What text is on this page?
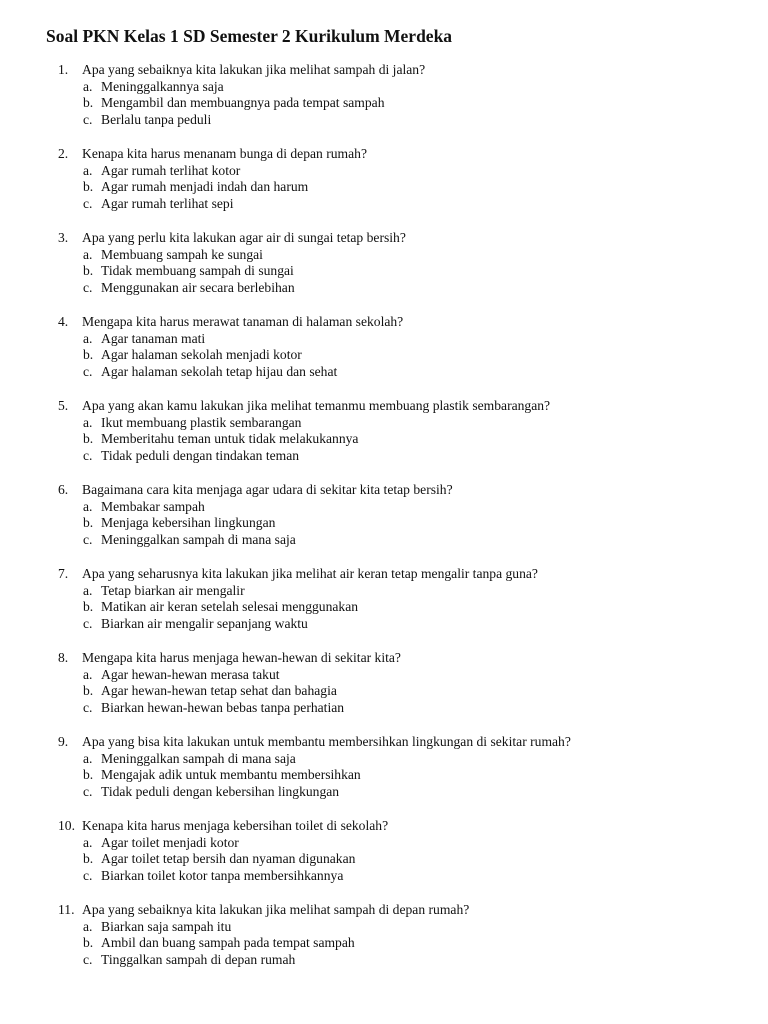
Soal PKN Kelas 1 SD Semester 2 Kurikulum Merdeka
1. Apa yang sebaiknya kita lakukan jika melihat sampah di jalan?
a. Meninggalkannya saja
b. Mengambil dan membuangnya pada tempat sampah
c. Berlalu tanpa peduli
2. Kenapa kita harus menanam bunga di depan rumah?
a. Agar rumah terlihat kotor
b. Agar rumah menjadi indah dan harum
c. Agar rumah terlihat sepi
3. Apa yang perlu kita lakukan agar air di sungai tetap bersih?
a. Membuang sampah ke sungai
b. Tidak membuang sampah di sungai
c. Menggunakan air secara berlebihan
4. Mengapa kita harus merawat tanaman di halaman sekolah?
a. Agar tanaman mati
b. Agar halaman sekolah menjadi kotor
c. Agar halaman sekolah tetap hijau dan sehat
5. Apa yang akan kamu lakukan jika melihat temanmu membuang plastik sembarangan?
a. Ikut membuang plastik sembarangan
b. Memberitahu teman untuk tidak melakukannya
c. Tidak peduli dengan tindakan teman
6. Bagaimana cara kita menjaga agar udara di sekitar kita tetap bersih?
a. Membakar sampah
b. Menjaga kebersihan lingkungan
c. Meninggalkan sampah di mana saja
7. Apa yang seharusnya kita lakukan jika melihat air keran tetap mengalir tanpa guna?
a. Tetap biarkan air mengalir
b. Matikan air keran setelah selesai menggunakan
c. Biarkan air mengalir sepanjang waktu
8. Mengapa kita harus menjaga hewan-hewan di sekitar kita?
a. Agar hewan-hewan merasa takut
b. Agar hewan-hewan tetap sehat dan bahagia
c. Biarkan hewan-hewan bebas tanpa perhatian
9. Apa yang bisa kita lakukan untuk membantu membersihkan lingkungan di sekitar rumah?
a. Meninggalkan sampah di mana saja
b. Mengajak adik untuk membantu membersihkan
c. Tidak peduli dengan kebersihan lingkungan
10. Kenapa kita harus menjaga kebersihan toilet di sekolah?
a. Agar toilet menjadi kotor
b. Agar toilet tetap bersih dan nyaman digunakan
c. Biarkan toilet kotor tanpa membersihkannya
11. Apa yang sebaiknya kita lakukan jika melihat sampah di depan rumah?
a. Biarkan saja sampah itu
b. Ambil dan buang sampah pada tempat sampah
c. Tinggalkan sampah di depan rumah
